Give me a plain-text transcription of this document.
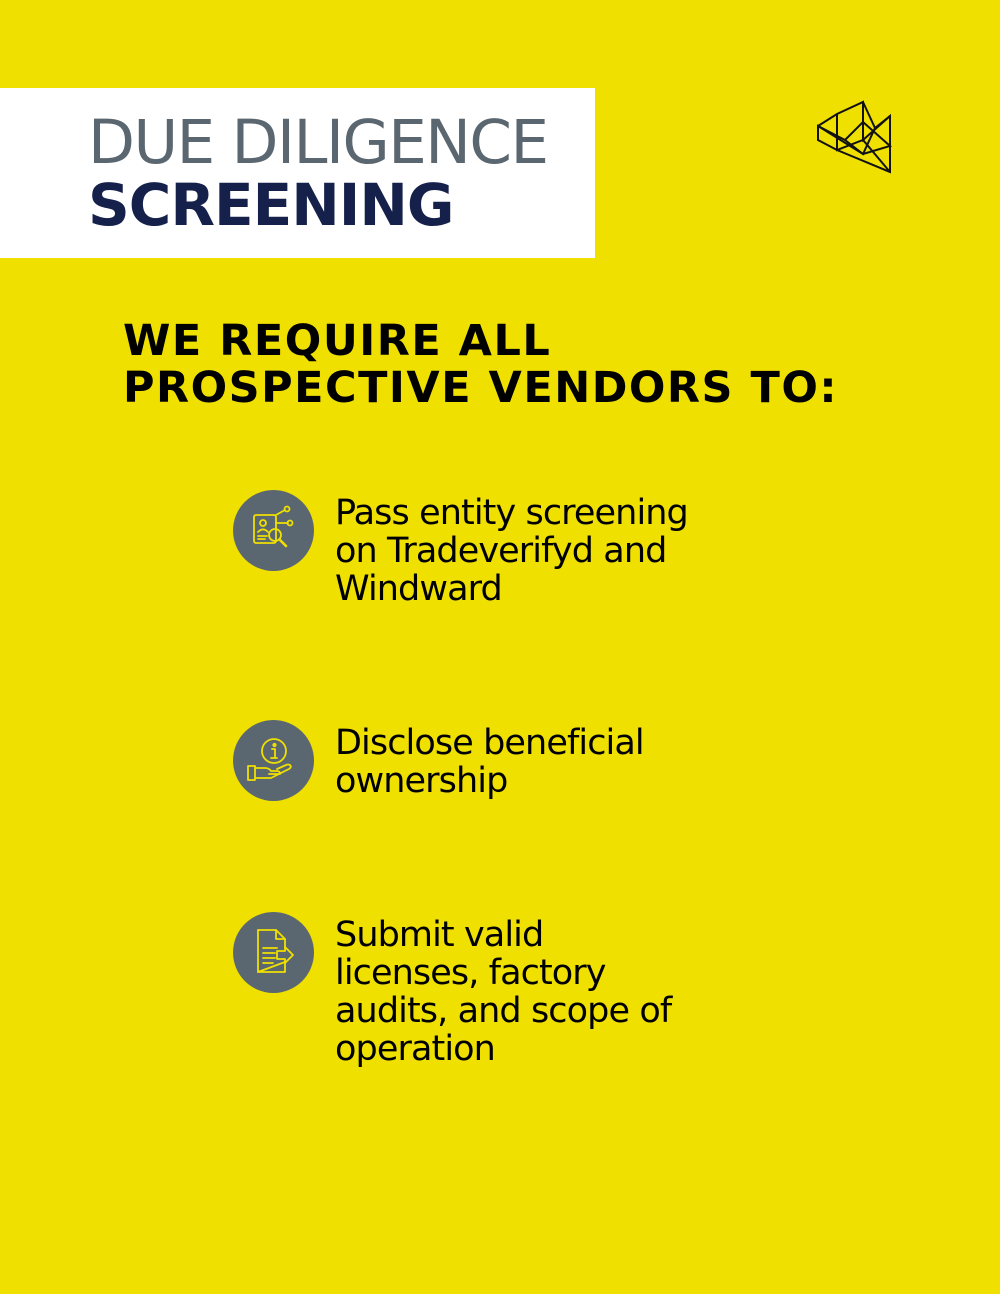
DUE DILIGENCE
SCREENING
WE REQUIRE ALL
PROSPECTIVE VENDORS TO:
Pass entity screening
on Tradeverifyd and
Windward
Disclose beneficial
ownership
Submit valid
licenses, factory
audits, and scope of
operation
